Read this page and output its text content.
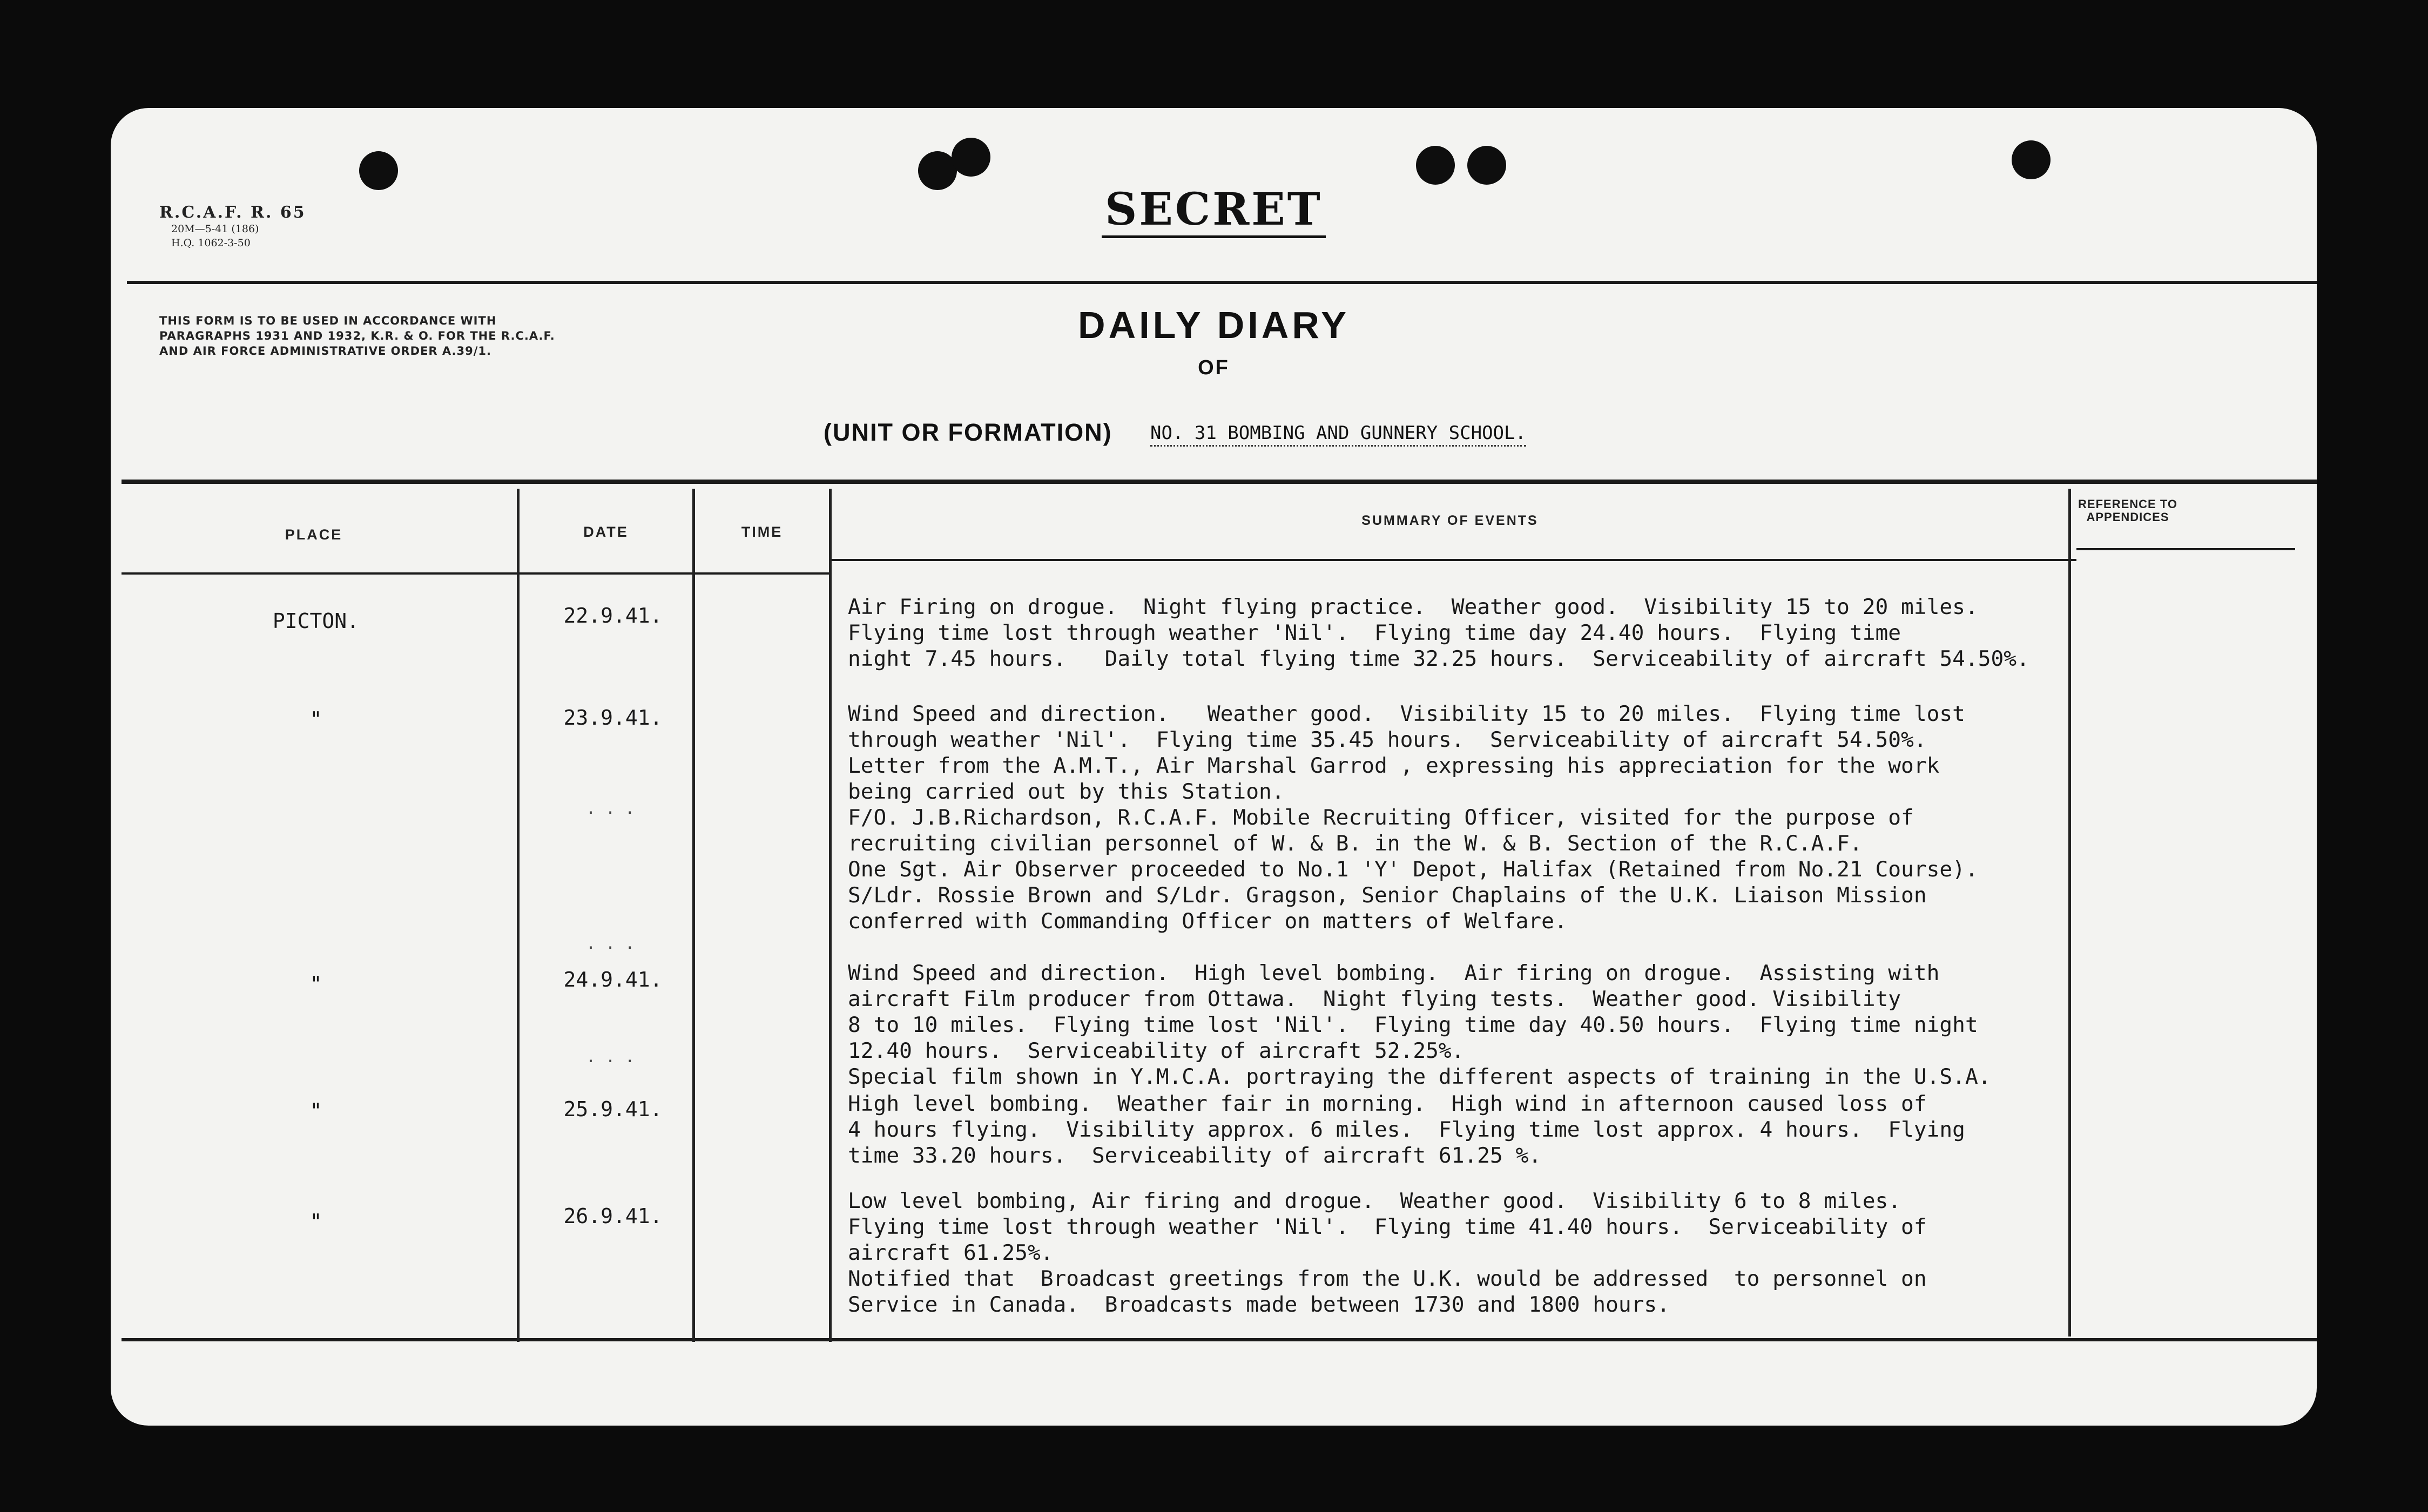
R.C.A.F. R. 65
20M—5-41 (186)
H.Q. 1062-3-50
SECRET
THIS FORM IS TO BE USED IN ACCORDANCE WITH PARAGRAPHS 1931 AND 1932, K.R. & O. FOR THE R.C.A.F. AND AIR FORCE ADMINISTRATIVE ORDER A.39/1.
DAILY DIARY
OF
(UNIT OR FORMATION) NO. 31 BOMBING AND GUNNERY SCHOOL.
PLACE	DATE	TIME
SUMMARY OF EVENTS
REFERENCE TO APPENDICES
PICTON.	22.9.41.	Air Firing on drogue.  Night flying practice.  Weather good.  Visibility 15 to 20 miles.
Flying time lost through weather 'Nil'.  Flying time day 24.40 hours.  Flying time
night 7.45 hours.   Daily total flying time 32.25 hours.  Serviceability of aircraft 54.50%.
"	23.9.41.	Wind Speed and direction.   Weather good.  Visibility 15 to 20 miles.  Flying time lost
through weather 'Nil'.  Flying time 35.45 hours.  Serviceability of aircraft 54.50%.
Letter from the A.M.T., Air Marshal Garrod , expressing his appreciation for the work
being carried out by this Station.
F/O. J.B.Richardson, R.C.A.F. Mobile Recruiting Officer, visited for the purpose of
recruiting civilian personnel of W. & B. in the W. & B. Section of the R.C.A.F.
One Sgt. Air Observer proceeded to No.1 'Y' Depot, Halifax (Retained from No.21 Course).
S/Ldr. Rossie Brown and S/Ldr. Gragson, Senior Chaplains of the U.K. Liaison Mission
conferred with Commanding Officer on matters of Welfare.
. . .
. . .
"	24.9.41.	Wind Speed and direction.  High level bombing.  Air firing on drogue.  Assisting with
aircraft Film producer from Ottawa.  Night flying tests.  Weather good. Visibility
8 to 10 miles.  Flying time lost 'Nil'.  Flying time day 40.50 hours.  Flying time night
12.40 hours.  Serviceability of aircraft 52.25%.
Special film shown in Y.M.C.A. portraying the different aspects of training in the U.S.A.
. . .
"	25.9.41.	High level bombing.  Weather fair in morning.  High wind in afternoon caused loss of
4 hours flying.  Visibility approx. 6 miles.  Flying time lost approx. 4 hours.  Flying
time 33.20 hours.  Serviceability of aircraft 61.25 %.
"	26.9.41.
Low level bombing, Air firing and drogue.  Weather good.  Visibility 6 to 8 miles.
Flying time lost through weather 'Nil'.  Flying time 41.40 hours.  Serviceability of
aircraft 61.25%.
Notified that  Broadcast greetings from the U.K. would be addressed  to personnel on
Service in Canada.  Broadcasts made between 1730 and 1800 hours.
